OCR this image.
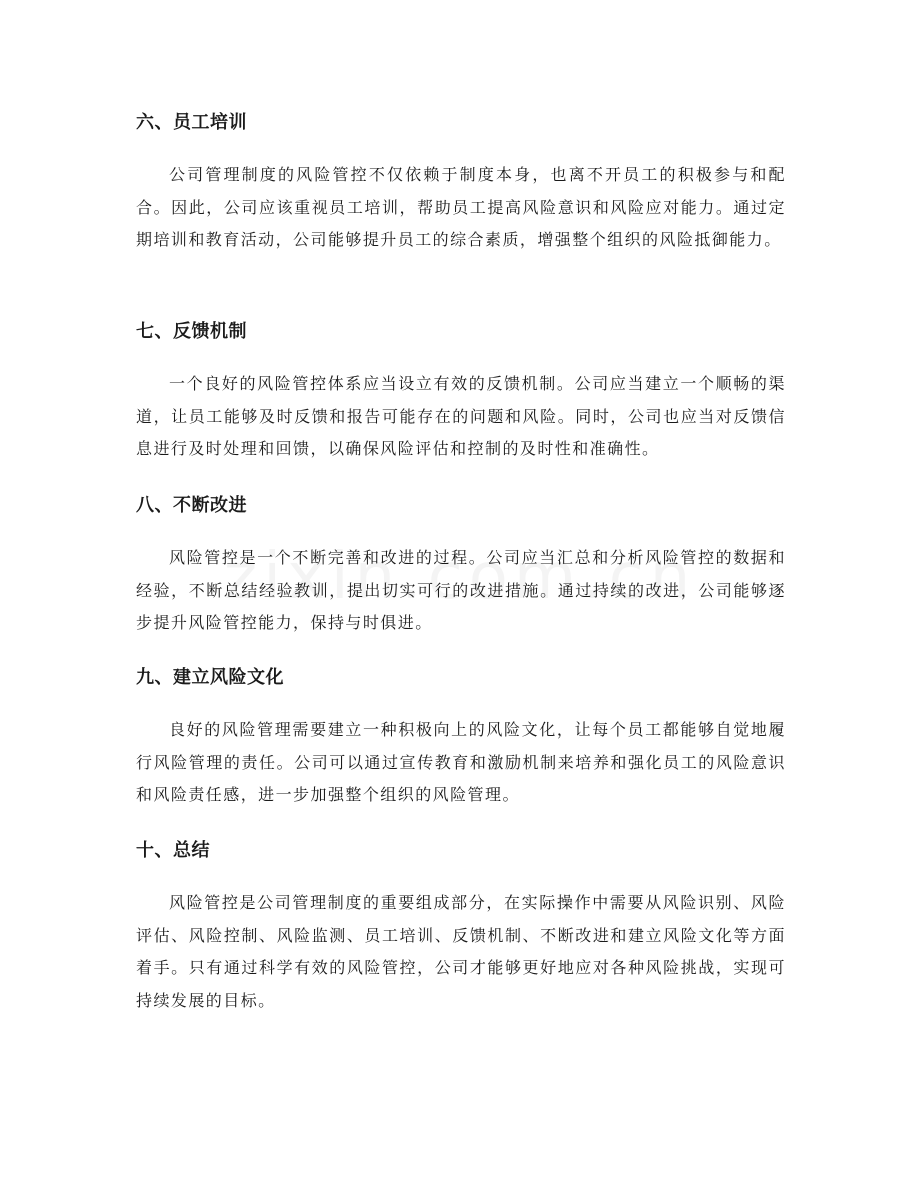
六、员工培训

公司管理制度的风险管控不仅依赖于制度本身，也离不开员工的积极参与和配合。因此，公司应该重视员工培训，帮助员工提高风险意识和风险应对能力。通过定期培训和教育活动，公司能够提升员工的综合素质，增强整个组织的风险抵御能力。

七、反馈机制

一个良好的风险管控体系应当设立有效的反馈机制。公司应当建立一个顺畅的渠道，让员工能够及时反馈和报告可能存在的问题和风险。同时，公司也应当对反馈信息进行及时处理和回馈，以确保风险评估和控制的及时性和准确性。

八、不断改进

风险管控是一个不断完善和改进的过程。公司应当汇总和分析风险管控的数据和经验，不断总结经验教训，提出切实可行的改进措施。通过持续的改进，公司能够逐步提升风险管控能力，保持与时俱进。

九、建立风险文化

良好的风险管理需要建立一种积极向上的风险文化，让每个员工都能够自觉地履行风险管理的责任。公司可以通过宣传教育和激励机制来培养和强化员工的风险意识和风险责任感，进一步加强整个组织的风险管理。

十、总结

风险管控是公司管理制度的重要组成部分，在实际操作中需要从风险识别、风险评估、风险控制、风险监测、员工培训、反馈机制、不断改进和建立风险文化等方面着手。只有通过科学有效的风险管控，公司才能够更好地应对各种风险挑战，实现可持续发展的目标。
